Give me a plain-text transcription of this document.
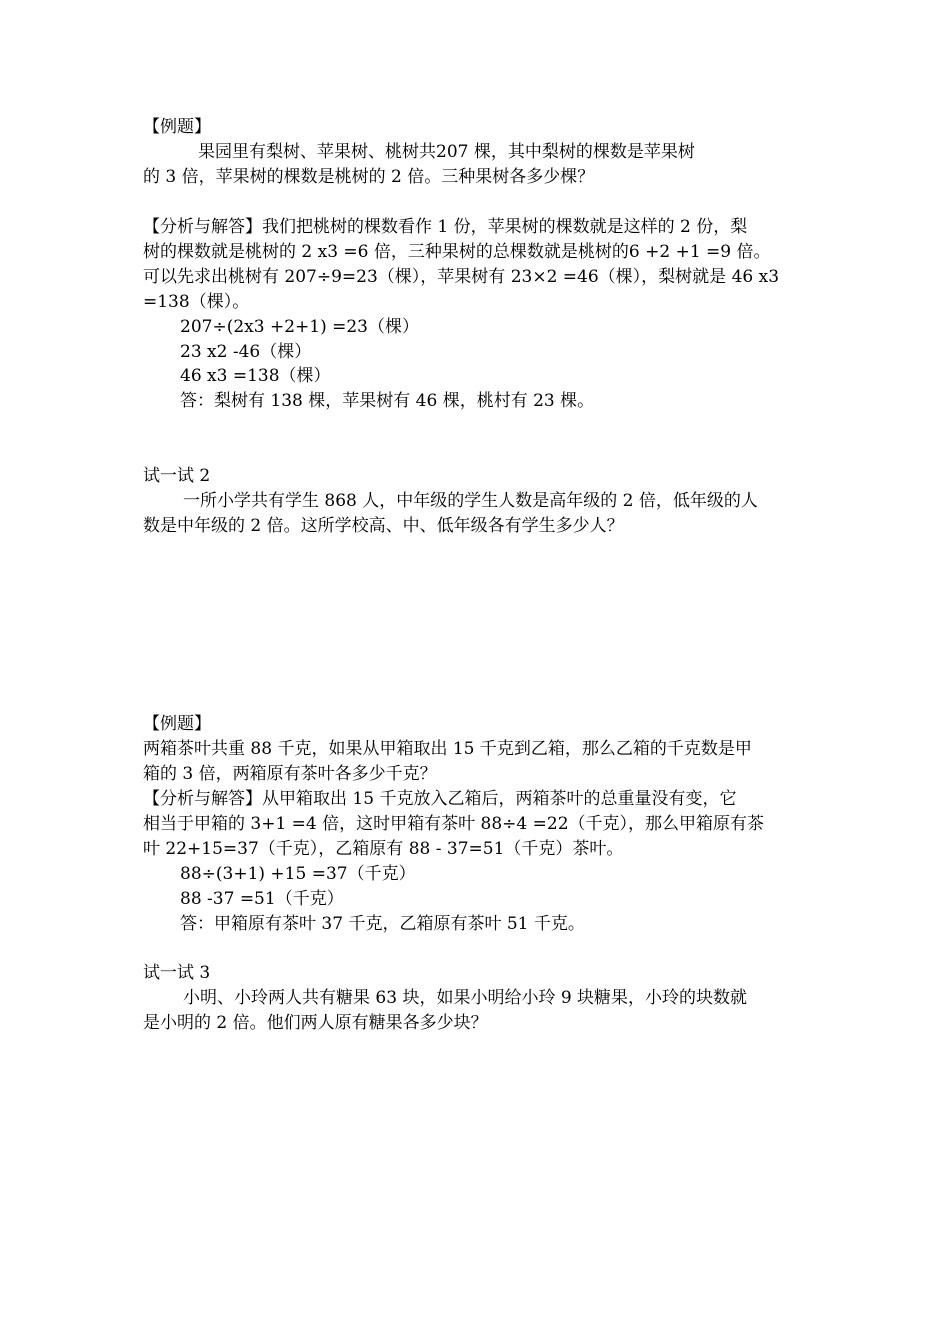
【例题】
果园里有梨树、苹果树、桃树共207 棵，其中梨树的棵数是苹果树
的 3 倍，苹果树的棵数是桃树的 2 倍。三种果树各多少棵？
【分析与解答】我们把桃树的棵数看作 1 份，苹果树的棵数就是这样的 2 份，梨
树的棵数就是桃树的 2 x3 =6 倍，三种果树的总棵数就是桃树的6 +2 +1 =9 倍。
可以先求出桃树有 207÷9=23（棵），苹果树有 23×2 =46（棵），梨树就是 46 x3
=138（棵）。
207÷(2x3 +2+1) =23（棵）
23 x2 -46（棵）
46 x3 =138（棵）
答：梨树有 138 棵，苹果树有 46 棵，桃村有 23 棵。
试一试 2
一所小学共有学生 868 人，中年级的学生人数是高年级的 2 倍，低年级的人
数是中年级的 2 倍。这所学校高、中、低年级各有学生多少人？
【例题】
两箱茶叶共重 88 千克，如果从甲箱取出 15 千克到乙箱，那么乙箱的千克数是甲
箱的 3 倍，两箱原有茶叶各多少千克？
【分析与解答】从甲箱取出 15 千克放入乙箱后，两箱茶叶的总重量没有变，它
相当于甲箱的 3+1 =4 倍，这时甲箱有茶叶 88÷4 =22（千克），那么甲箱原有茶
叶 22+15=37（千克），乙箱原有 88 - 37=51（千克）茶叶。
88÷(3+1) +15 =37（千克）
88 -37 =51（千克）
答：甲箱原有茶叶 37 千克，乙箱原有茶叶 51 千克。
试一试 3
小明、小玲两人共有糖果 63 块，如果小明给小玲 9 块糖果，小玲的块数就
是小明的 2 倍。他们两人原有糖果各多少块？
